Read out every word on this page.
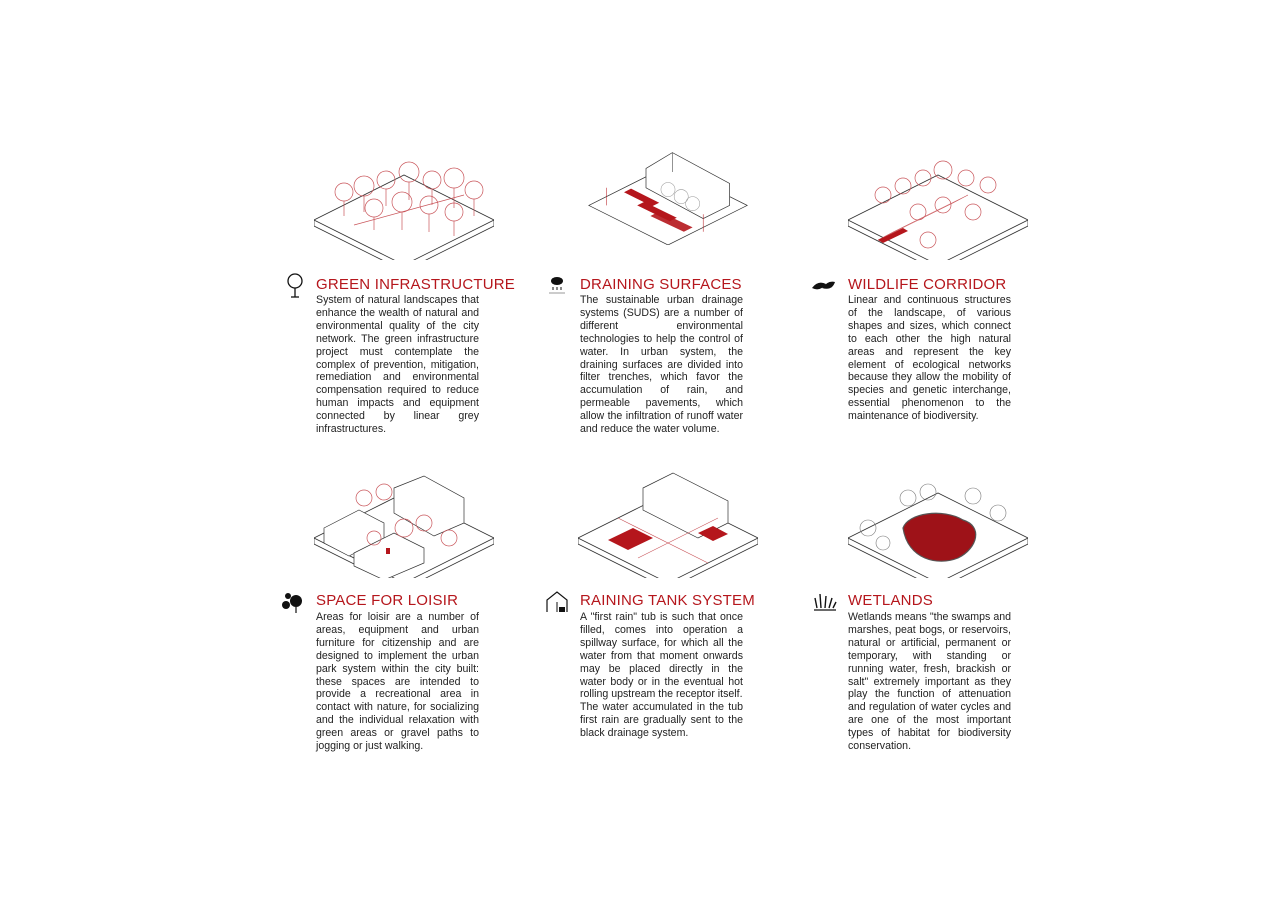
GREEN INFRASTRUCTURE
System of natural landscapes that enhance the wealth of natural and environmental quality of the city network. The green infrastructure project must contemplate the complex of prevention, mitigation, remediation and environmental compensation required to reduce human impacts and equipment connected by linear grey infrastructures.
DRAINING SURFACES
The sustainable urban drainage systems (SUDS) are a number of different environmental technologies to help the control of water. In urban system, the draining surfaces are divided into filter trenches, which favor the accumulation of rain, and permeable pavements, which allow the infiltration of runoff water and reduce the water volume.
WILDLIFE CORRIDOR
Linear and continuous structures of the landscape, of various shapes and sizes, which connect to each other the high natural areas and represent the key element of ecological networks because they allow the mobility of species and genetic interchange, essential phenomenon to the maintenance of biodiversity.
SPACE FOR LOISIR
Areas for loisir are a number of areas, equipment and urban furniture for citizenship and are designed to implement the urban park system within the city built: these spaces are intended to provide a recreational area in contact with nature, for socializing and the individual relaxation with green areas or gravel paths to jogging or just walking.
RAINING TANK SYSTEM
A "first rain" tub is such that once filled, comes into operation a spillway surface, for which all the water from that moment onwards may be placed directly in the water body or in the eventual hot rolling upstream the receptor itself.
The water accumulated in the tub first rain are gradually sent to the black drainage system.
WETLANDS
Wetlands means "the swamps and marshes, peat bogs, or reservoirs, natural or artificial, permanent or temporary, with standing or running water, fresh, brackish or salt" extremely important as they play the function of attenuation and regulation of water cycles and are one of the most important types of habitat for biodiversity conservation.
